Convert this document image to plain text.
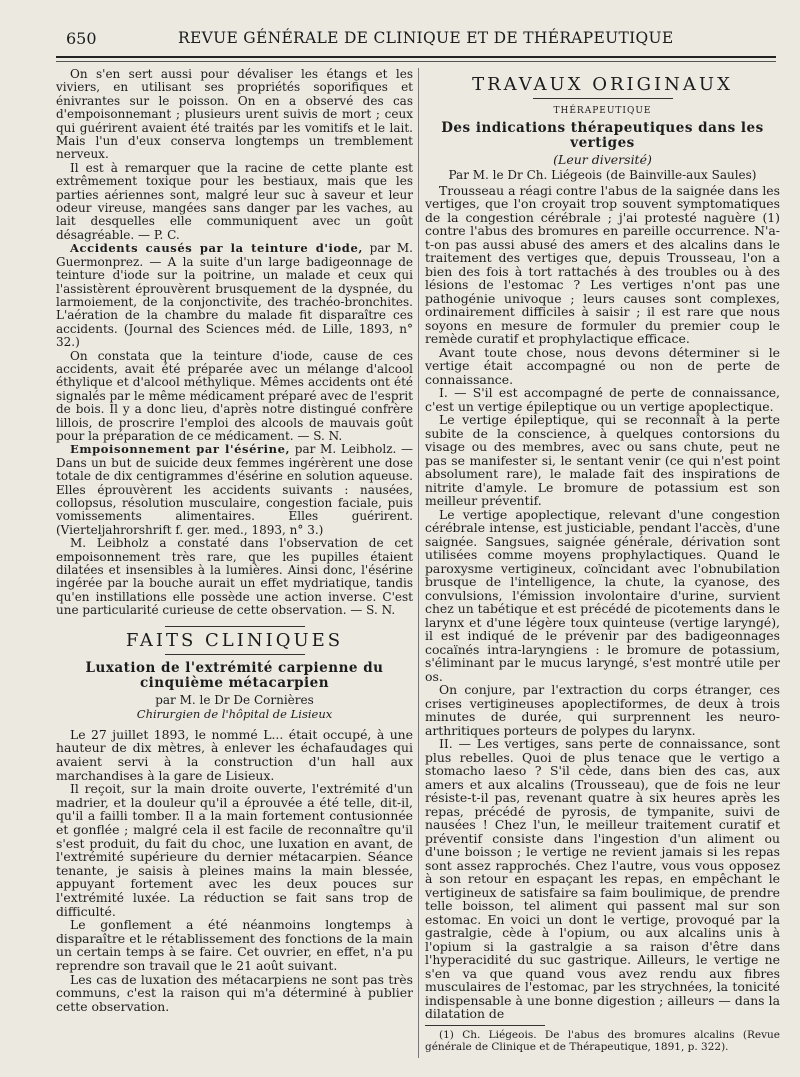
650	REVUE GÉNÉRALE DE CLINIQUE ET DE THÉRAPEUTIQUE

On s'en sert aussi pour dévaliser les étangs et les viviers, en utilisant ses propriétés soporifiques et énivrantes sur le poisson. On en a observé des cas d'empoisonnemant ; plusieurs urent suivis de mort ; ceux qui guérirent avaient été traités par les vomitifs et le lait. Mais l'un d'eux conserva longtemps un tremblement nerveux.

Il est à remarquer que la racine de cette plante est extrêmement toxique pour les bestiaux, mais que les parties aériennes sont, malgré leur suc à saveur et leur odeur vireuse, mangées sans danger par les vaches, au lait desquelles elle communiquent avec un goût désagréable. — P. C.

Accidents causés par la teinture d'iode, par M. Guermonprez. — A la suite d'un large badigeonnage de teinture d'iode sur la poitrine, un malade et ceux qui l'assistèrent éprouvèrent brusquement de la dyspnée, du larmoiement, de la conjonctivite, des trachéo-bronchites. L'aération de la chambre du malade fit disparaître ces accidents. (Journal des Sciences méd. de Lille, 1893, n° 32.)

On constata que la teinture d'iode, cause de ces accidents, avait été préparée avec un mélange d'alcool éthylique et d'alcool méthylique. Mêmes accidents ont été signalés par le même médicament préparé avec de l'esprit de bois. Il y a donc lieu, d'après notre distingué confrère lillois, de proscrire l'emploi des alcools de mauvais goût pour la préparation de ce médicament. — S. N.

Empoisonnement par l'ésérine, par M. Leibholz. — Dans un but de suicide deux femmes ingérèrent une dose totale de dix centigrammes d'ésérine en solution aqueuse. Elles éprouvèrent les accidents suivants : nausées, collopsus, résolution musculaire, congestion faciale, puis vomissements alimentaires. Elles guérirent. (Vierteljahrorshrift f. ger. med., 1893, n° 3.)

M. Leibholz a constaté dans l'observation de cet empoisonnement très rare, que les pupilles étaient dilatées et insensibles à la lumières. Ainsi donc, l'ésérine ingérée par la bouche aurait un effet mydriatique, tandis qu'en instillations elle possède une action inverse. C'est une particularité curieuse de cette observation. — S. N.

FAITS CLINIQUES
Luxation de l'extrémité carpienne du cinquième métacarpien
par M. le Dr De Cornières
Chirurgien de l'hôpital de Lisieux

Le 27 juillet 1893, le nommé L... était occupé, à une hauteur de dix mètres, à enlever les échafaudages qui avaient servi à la construction d'un hall aux marchandises à la gare de Lisieux.

Il reçoit, sur la main droite ouverte, l'extrémité d'un madrier, et la douleur qu'il a éprouvée a été telle, dit-il, qu'il a failli tomber. Il a la main fortement contusionnée et gonflée ; malgré cela il est facile de reconnaître qu'il s'est produit, du fait du choc, une luxation en avant, de l'extrémité supérieure du dernier métacarpien. Séance tenante, je saisis à pleines mains la main blessée, appuyant fortement avec les deux pouces sur l'extrémité luxée. La réduction se fait sans trop de difficulté.

Le gonflement a été néanmoins longtemps à disparaître et le rétablissement des fonctions de la main un certain temps à se faire. Cet ouvrier, en effet, n'a pu reprendre son travail que le 21 août suivant.

Les cas de luxation des métacarpiens ne sont pas très communs, c'est la raison qui m'a déterminé à publier cette observation.

TRAVAUX ORIGINAUX
THÉRAPEUTIQUE
Des indications thérapeutiques dans les vertiges
(Leur diversité)
Par M. le Dr Ch. Liégeois (de Bainville-aux Saules)

Trousseau a réagi contre l'abus de la saignée dans les vertiges, que l'on croyait trop souvent symptomatiques de la congestion cérébrale ; j'ai protesté naguère (1) contre l'abus des bromures en pareille occurrence. N'a-t-on pas aussi abusé des amers et des alcalins dans le traitement des vertiges que, depuis Trousseau, l'on a bien des fois à tort rattachés à des troubles ou à des lésions de l'estomac ? Les vertiges n'ont pas une pathogénie univoque ; leurs causes sont complexes, ordinairement difficiles à saisir ; il est rare que nous soyons en mesure de formuler du premier coup le remède curatif et prophylactique efficace.

Avant toute chose, nous devons déterminer si le vertige était accompagné ou non de perte de connaissance.

I. — S'il est accompagné de perte de connaissance, c'est un vertige épileptique ou un vertige apoplectique.

Le vertige épileptique, qui se reconnaît à la perte subite de la conscience, à quelques contorsions du visage ou des membres, avec ou sans chute, peut ne pas se manifester si, le sentant venir (ce qui n'est point absolument rare), le malade fait des inspirations de nitrite d'amyle. Le bromure de potassium est son meilleur préventif.

Le vertige apoplectique, relevant d'une congestion cérébrale intense, est justiciable, pendant l'accès, d'une saignée. Sangsues, saignée générale, dérivation sont utilisées comme moyens prophylactiques. Quand le paroxysme vertigineux, coïncidant avec l'obnubilation brusque de l'intelligence, la chute, la cyanose, des convulsions, l'émission involontaire d'urine, survient chez un tabétique et est précédé de picotements dans le larynx et d'une légère toux quinteuse (vertige laryngé), il est indiqué de le prévenir par des badigeonnages cocaïnés intra-laryngiens : le bromure de potassium, s'éliminant par le mucus laryngé, s'est montré utile per os.

On conjure, par l'extraction du corps étranger, ces crises vertigineuses apoplectiformes, de deux à trois minutes de durée, qui surprennent les neuro-arthritiques porteurs de polypes du larynx.

II. — Les vertiges, sans perte de connaissance, sont plus rebelles. Quoi de plus tenace que le vertigo a stomacho laeso ? S'il cède, dans bien des cas, aux amers et aux alcalins (Trousseau), que de fois ne leur résiste-t-il pas, revenant quatre à six heures après les repas, précédé de pyrosis, de tympanite, suivi de nausées ! Chez l'un, le meilleur traitement curatif et préventif consiste dans l'ingestion d'un aliment ou d'une boisson ; le vertige ne revient jamais si les repas sont assez rapprochés. Chez l'autre, vous vous opposez à son retour en espaçant les repas, en empêchant le vertigineux de satisfaire sa faim boulimique, de prendre telle boisson, tel aliment qui passent mal sur son estomac. En voici un dont le vertige, provoqué par la gastralgie, cède à l'opium, ou aux alcalins unis à l'opium si la gastralgie a sa raison d'être dans l'hyperacidité du suc gastrique. Ailleurs, le vertige ne s'en va que quand vous avez rendu aux fibres musculaires de l'estomac, par les strychnées, la tonicité indispensable à une bonne digestion ; ailleurs — dans la dilatation de

(1) Ch. Liégeois. De l'abus des bromures alcalins (Revue générale de Clinique et de Thérapeutique, 1891, p. 322).
